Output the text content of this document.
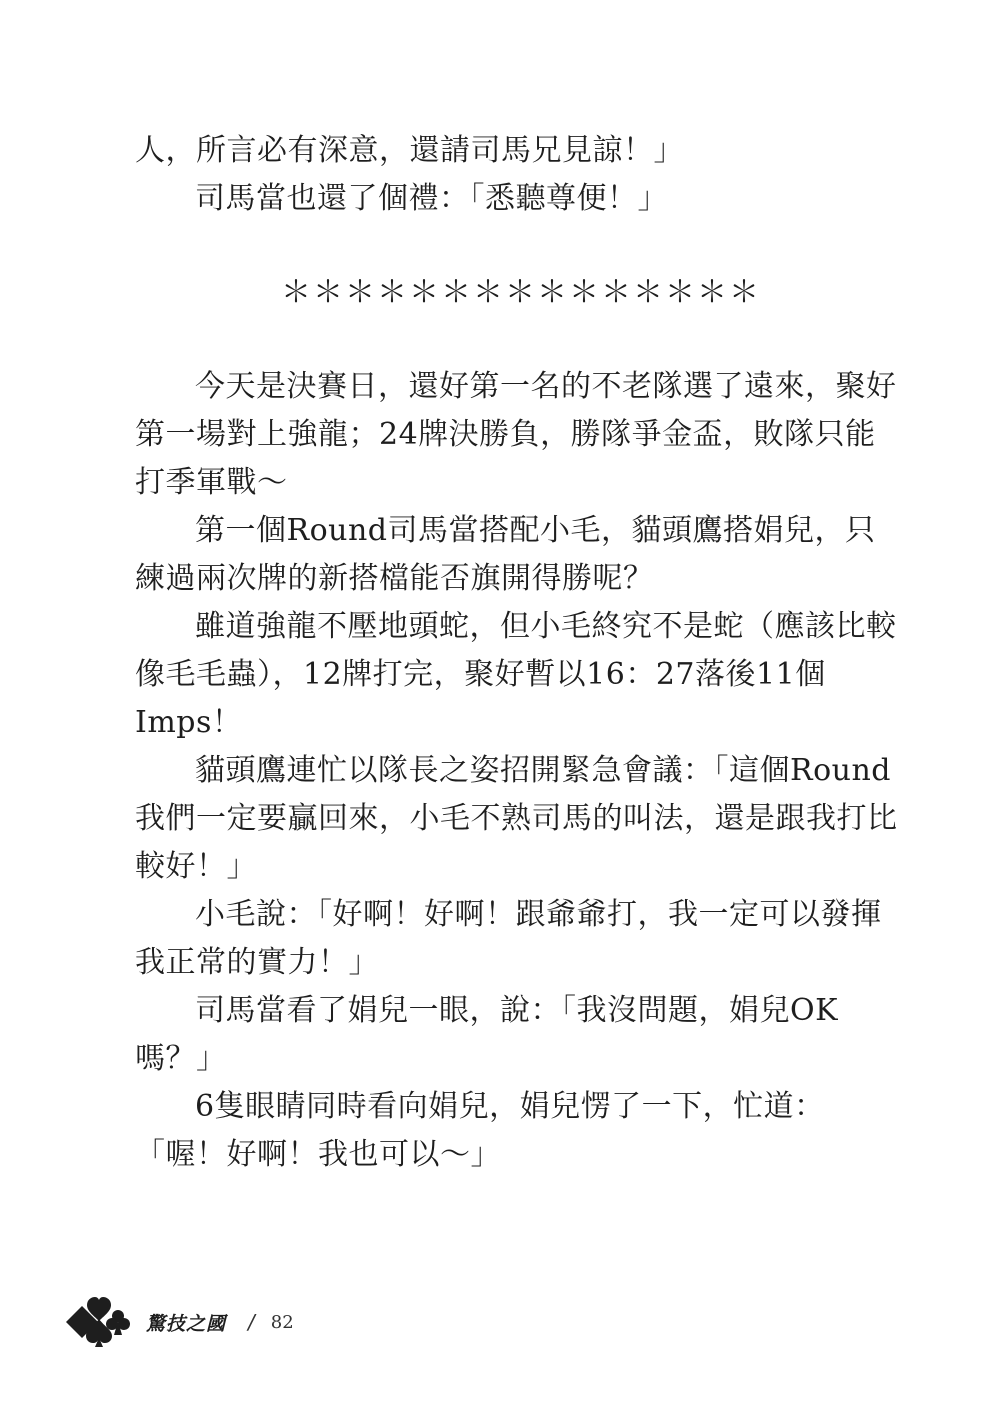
人，所言必有深意，還請司馬兄見諒！」
司馬當也還了個禮：「悉聽尊便！」
＊＊＊＊＊＊＊＊＊＊＊＊＊＊＊
今天是決賽日，還好第一名的不老隊選了遠來，聚好
第一場對上強龍；24牌決勝負，勝隊爭金盃，敗隊只能
打季軍戰～
第一個Round司馬當搭配小毛，貓頭鷹搭娟兒，只
練過兩次牌的新搭檔能否旗開得勝呢？
雖道強龍不壓地頭蛇，但小毛終究不是蛇（應該比較
像毛毛蟲），12牌打完，聚好暫以16：27落後11個
Imps！
貓頭鷹連忙以隊長之姿招開緊急會議：「這個Round
我們一定要贏回來，小毛不熟司馬的叫法，還是跟我打比
較好！」
小毛說：「好啊！好啊！跟爺爺打，我一定可以發揮
我正常的實力！」
司馬當看了娟兒一眼，說：「我沒問題，娟兒OK
嗎？」
6隻眼睛同時看向娟兒，娟兒愣了一下，忙道：
「喔！好啊！我也可以～」
驚技之國 / 82
